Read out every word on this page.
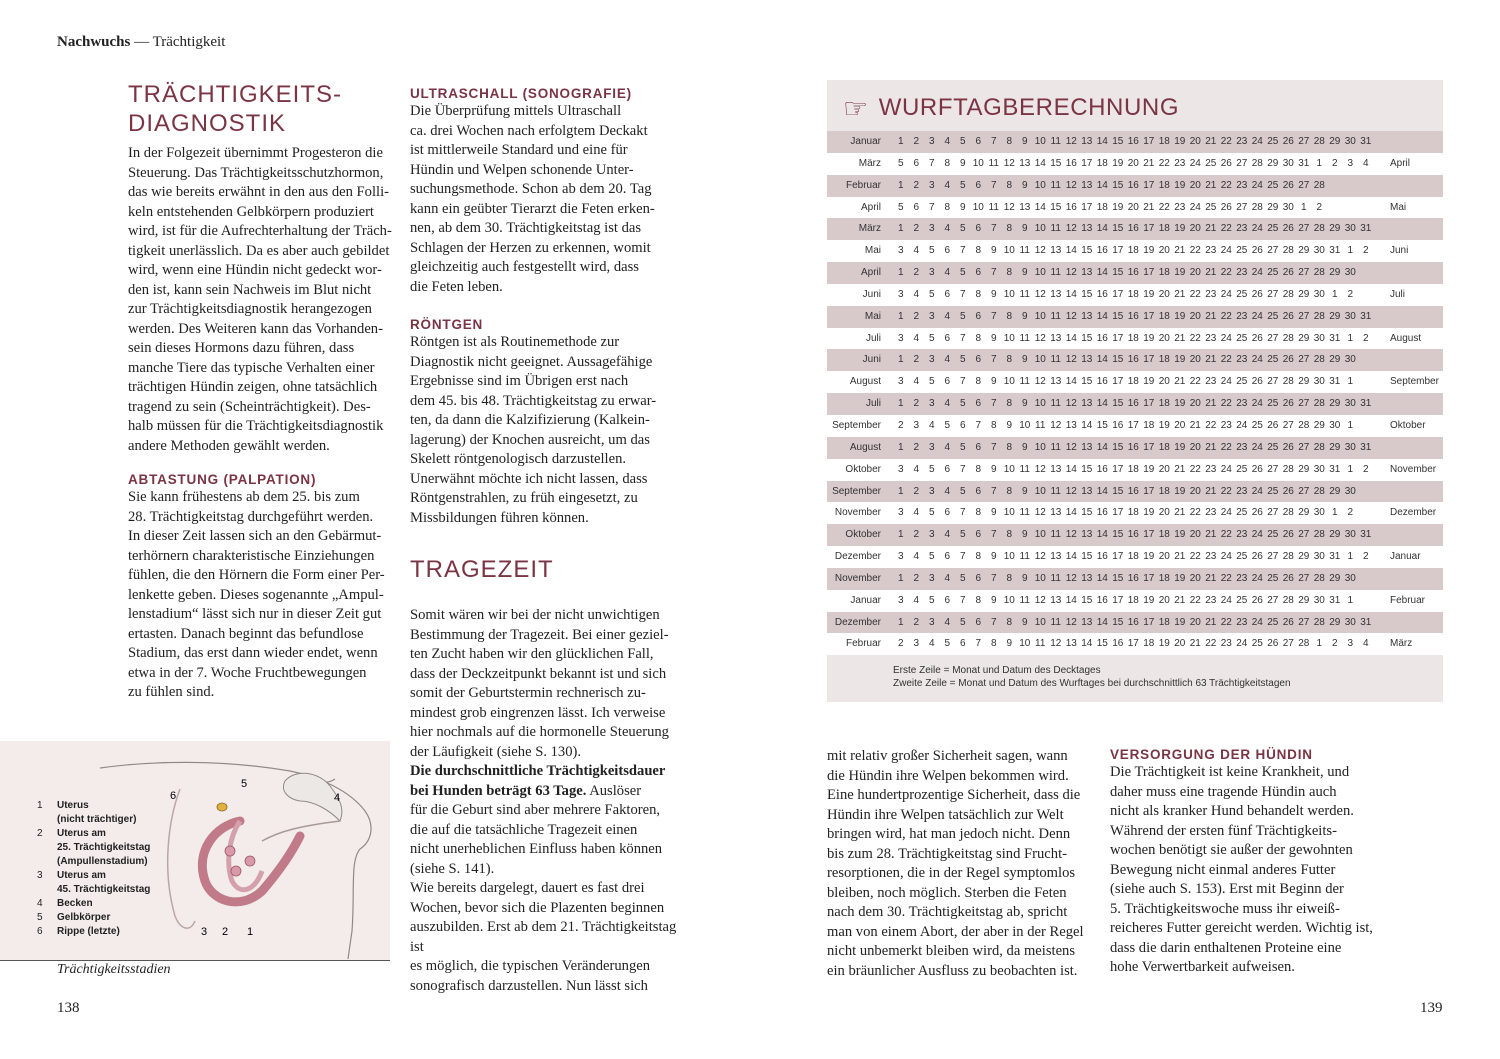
Nachwuchs — Trächtigkeit
TRÄCHTIGKEITS-
DIAGNOSTIK
In der Folgezeit übernimmt Progesteron die
Steuerung. Das Trächtigkeitsschutzhormon,
das wie bereits erwähnt in den aus den Folli-
keln entstehenden Gelbkörpern produziert
wird, ist für die Aufrechterhaltung der Träch-
tigkeit unerlässlich. Da es aber auch gebildet
wird, wenn eine Hündin nicht gedeckt wor-
den ist, kann sein Nachweis im Blut nicht
zur Trächtigkeitsdiagnostik herangezogen
werden. Des Weiteren kann das Vorhanden-
sein dieses Hormons dazu führen, dass
manche Tiere das typische Verhalten einer
trächtigen Hündin zeigen, ohne tatsächlich
tragend zu sein (Scheinträchtigkeit). Des-
halb müssen für die Trächtigkeitsdiagnostik
andere Methoden gewählt werden.
ABTASTUNG (PALPATION)
Sie kann frühestens ab dem 25. bis zum
28. Trächtigkeitstag durchgeführt werden.
In dieser Zeit lassen sich an den Gebärmut-
terhörnern charakteristische Einziehungen
fühlen, die den Hörnern die Form einer Per-
lenkette geben. Dieses sogenannte „Ampul-
lenstadium“ lässt sich nur in dieser Zeit gut
ertasten. Danach beginnt das befundlose
Stadium, das erst dann wieder endet, wenn
etwa in der 7. Woche Fruchtbewegungen
zu fühlen sind.
ULTRASCHALL (SONOGRAFIE)
Die Überprüfung mittels Ultraschall
ca. drei Wochen nach erfolgtem Deckakt
ist mittlerweile Standard und eine für
Hündin und Welpen schonende Unter-
suchungsmethode. Schon ab dem 20. Tag
kann ein geübter Tierarzt die Feten erken-
nen, ab dem 30. Trächtigkeitstag ist das
Schlagen der Herzen zu erkennen, womit
gleichzeitig auch festgestellt wird, dass
die Feten leben.
RÖNTGEN
Röntgen ist als Routinemethode zur
Diagnostik nicht geeignet. Aussagefähige
Ergebnisse sind im Übrigen erst nach
dem 45. bis 48. Trächtigkeitstag zu erwar-
ten, da dann die Kalzifizierung (Kalkein-
lagerung) der Knochen ausreicht, um das
Skelett röntgenologisch darzustellen.
Unerwähnt möchte ich nicht lassen, dass
Röntgenstrahlen, zu früh eingesetzt, zu
Missbildungen führen können.
TRAGEZEIT
Somit wären wir bei der nicht unwichtigen
Bestimmung der Tragezeit. Bei einer geziel-
ten Zucht haben wir den glücklichen Fall,
dass der Deckzeitpunkt bekannt ist und sich
somit der Geburtstermin rechnerisch zu-
mindest grob eingrenzen lässt. Ich verweise
hier nochmals auf die hormonelle Steuerung
der Läufigkeit (siehe S. 130).
Die durchschnittliche Trächtigkeitsdauer
bei Hunden beträgt 63 Tage. Auslöser
für die Geburt sind aber mehrere Faktoren,
die auf die tatsächliche Tragezeit einen
nicht unerheblichen Einfluss haben können
(siehe S. 141).
Wie bereits dargelegt, dauert es fast drei
Wochen, bevor sich die Plazenten beginnen
auszubilden. Erst ab dem 21. Trächtigkeitstag ist
es möglich, die typischen Veränderungen
sonografisch darzustellen. Nun lässt sich
5
6	4
3 2 1
1	Uterus
(nicht trächtiger)
2	Uterus am
25. Trächtigkeitstag
(Ampullenstadium)
3	Uterus am
45. Trächtigkeitstag
4	Becken
5	Gelbkörper
6	Rippe (letzte)
Trächtigkeitsstadien
138
☞ WURFTAGBERECHNUNG
Januar	1 2 3 4 5 6 7 8 9 10 11 12 13 14 15 16 17 18 19 20 21 22 23 24 25 26 27 28 29 30 31
März	5 6 7 8 9 10 11 12 13 14 15 16 17 18 19 20 21 22 23 24 25 26 27 28 29 30 31 1 2 3 4	April
Februar	1 2 3 4 5 6 7 8 9 10 11 12 13 14 15 16 17 18 19 20 21 22 23 24 25 26 27 28
April	5 6 7 8 9 10 11 12 13 14 15 16 17 18 19 20 21 22 23 24 25 26 27 28 29 30 1 2	Mai
März	1 2 3 4 5 6 7 8 9 10 11 12 13 14 15 16 17 18 19 20 21 22 23 24 25 26 27 28 29 30 31
Mai	3 4 5 6 7 8 9 10 11 12 13 14 15 16 17 18 19 20 21 22 23 24 25 26 27 28 29 30 31 1 2	Juni
April	1 2 3 4 5 6 7 8 9 10 11 12 13 14 15 16 17 18 19 20 21 22 23 24 25 26 27 28 29 30
Juni	3 4 5 6 7 8 9 10 11 12 13 14 15 16 17 18 19 20 21 22 23 24 25 26 27 28 29 30 1 2	Juli
Mai	1 2 3 4 5 6 7 8 9 10 11 12 13 14 15 16 17 18 19 20 21 22 23 24 25 26 27 28 29 30 31
Juli	3 4 5 6 7 8 9 10 11 12 13 14 15 16 17 18 19 20 21 22 23 24 25 26 27 28 29 30 31 1 2	August
Juni	1 2 3 4 5 6 7 8 9 10 11 12 13 14 15 16 17 18 19 20 21 22 23 24 25 26 27 28 29 30
August	3 4 5 6 7 8 9 10 11 12 13 14 15 16 17 18 19 20 21 22 23 24 25 26 27 28 29 30 31 1	September
Juli	1 2 3 4 5 6 7 8 9 10 11 12 13 14 15 16 17 18 19 20 21 22 23 24 25 26 27 28 29 30 31
September	2 3 4 5 6 7 8 9 10 11 12 13 14 15 16 17 18 19 20 21 22 23 24 25 26 27 28 29 30 1	Oktober
August	1 2 3 4 5 6 7 8 9 10 11 12 13 14 15 16 17 18 19 20 21 22 23 24 25 26 27 28 29 30 31
Oktober	3 4 5 6 7 8 9 10 11 12 13 14 15 16 17 18 19 20 21 22 23 24 25 26 27 28 29 30 31 1 2	November
September	1 2 3 4 5 6 7 8 9 10 11 12 13 14 15 16 17 18 19 20 21 22 23 24 25 26 27 28 29 30
November	3 4 5 6 7 8 9 10 11 12 13 14 15 16 17 18 19 20 21 22 23 24 25 26 27 28 29 30 1 2	Dezember
Oktober	1 2 3 4 5 6 7 8 9 10 11 12 13 14 15 16 17 18 19 20 21 22 23 24 25 26 27 28 29 30 31
Dezember	3 4 5 6 7 8 9 10 11 12 13 14 15 16 17 18 19 20 21 22 23 24 25 26 27 28 29 30 31 1 2	Januar
November	1 2 3 4 5 6 7 8 9 10 11 12 13 14 15 16 17 18 19 20 21 22 23 24 25 26 27 28 29 30
Januar	3 4 5 6 7 8 9 10 11 12 13 14 15 16 17 18 19 20 21 22 23 24 25 26 27 28 29 30 31 1	Februar
Dezember	1 2 3 4 5 6 7 8 9 10 11 12 13 14 15 16 17 18 19 20 21 22 23 24 25 26 27 28 29 30 31
Februar	2 3 4 5 6 7 8 9 10 11 12 13 14 15 16 17 18 19 20 21 22 23 24 25 26 27 28 1 2 3 4	März
Erste Zeile = Monat und Datum des Decktages
Zweite Zeile = Monat und Datum des Wurftages bei durchschnittlich 63 Trächtigkeitstagen
mit relativ großer Sicherheit sagen, wann
die Hündin ihre Welpen bekommen wird.
Eine hundertprozentige Sicherheit, dass die
Hündin ihre Welpen tatsächlich zur Welt
bringen wird, hat man jedoch nicht. Denn
bis zum 28. Trächtigkeitstag sind Frucht-
resorptionen, die in der Regel symptomlos
bleiben, noch möglich. Sterben die Feten
nach dem 30. Trächtigkeitstag ab, spricht
man von einem Abort, der aber in der Regel
nicht unbemerkt bleiben wird, da meistens
ein bräunlicher Ausfluss zu beobachten ist.
VERSORGUNG DER HÜNDIN
Die Trächtigkeit ist keine Krankheit, und
daher muss eine tragende Hündin auch
nicht als kranker Hund behandelt werden.
Während der ersten fünf Trächtigkeits-
wochen benötigt sie außer der gewohnten
Bewegung nicht einmal anderes Futter
(siehe auch S. 153). Erst mit Beginn der
5. Trächtigkeitswoche muss ihr eiweiß-
reicheres Futter gereicht werden. Wichtig ist,
dass die darin enthaltenen Proteine eine
hohe Verwertbarkeit aufweisen.
139
